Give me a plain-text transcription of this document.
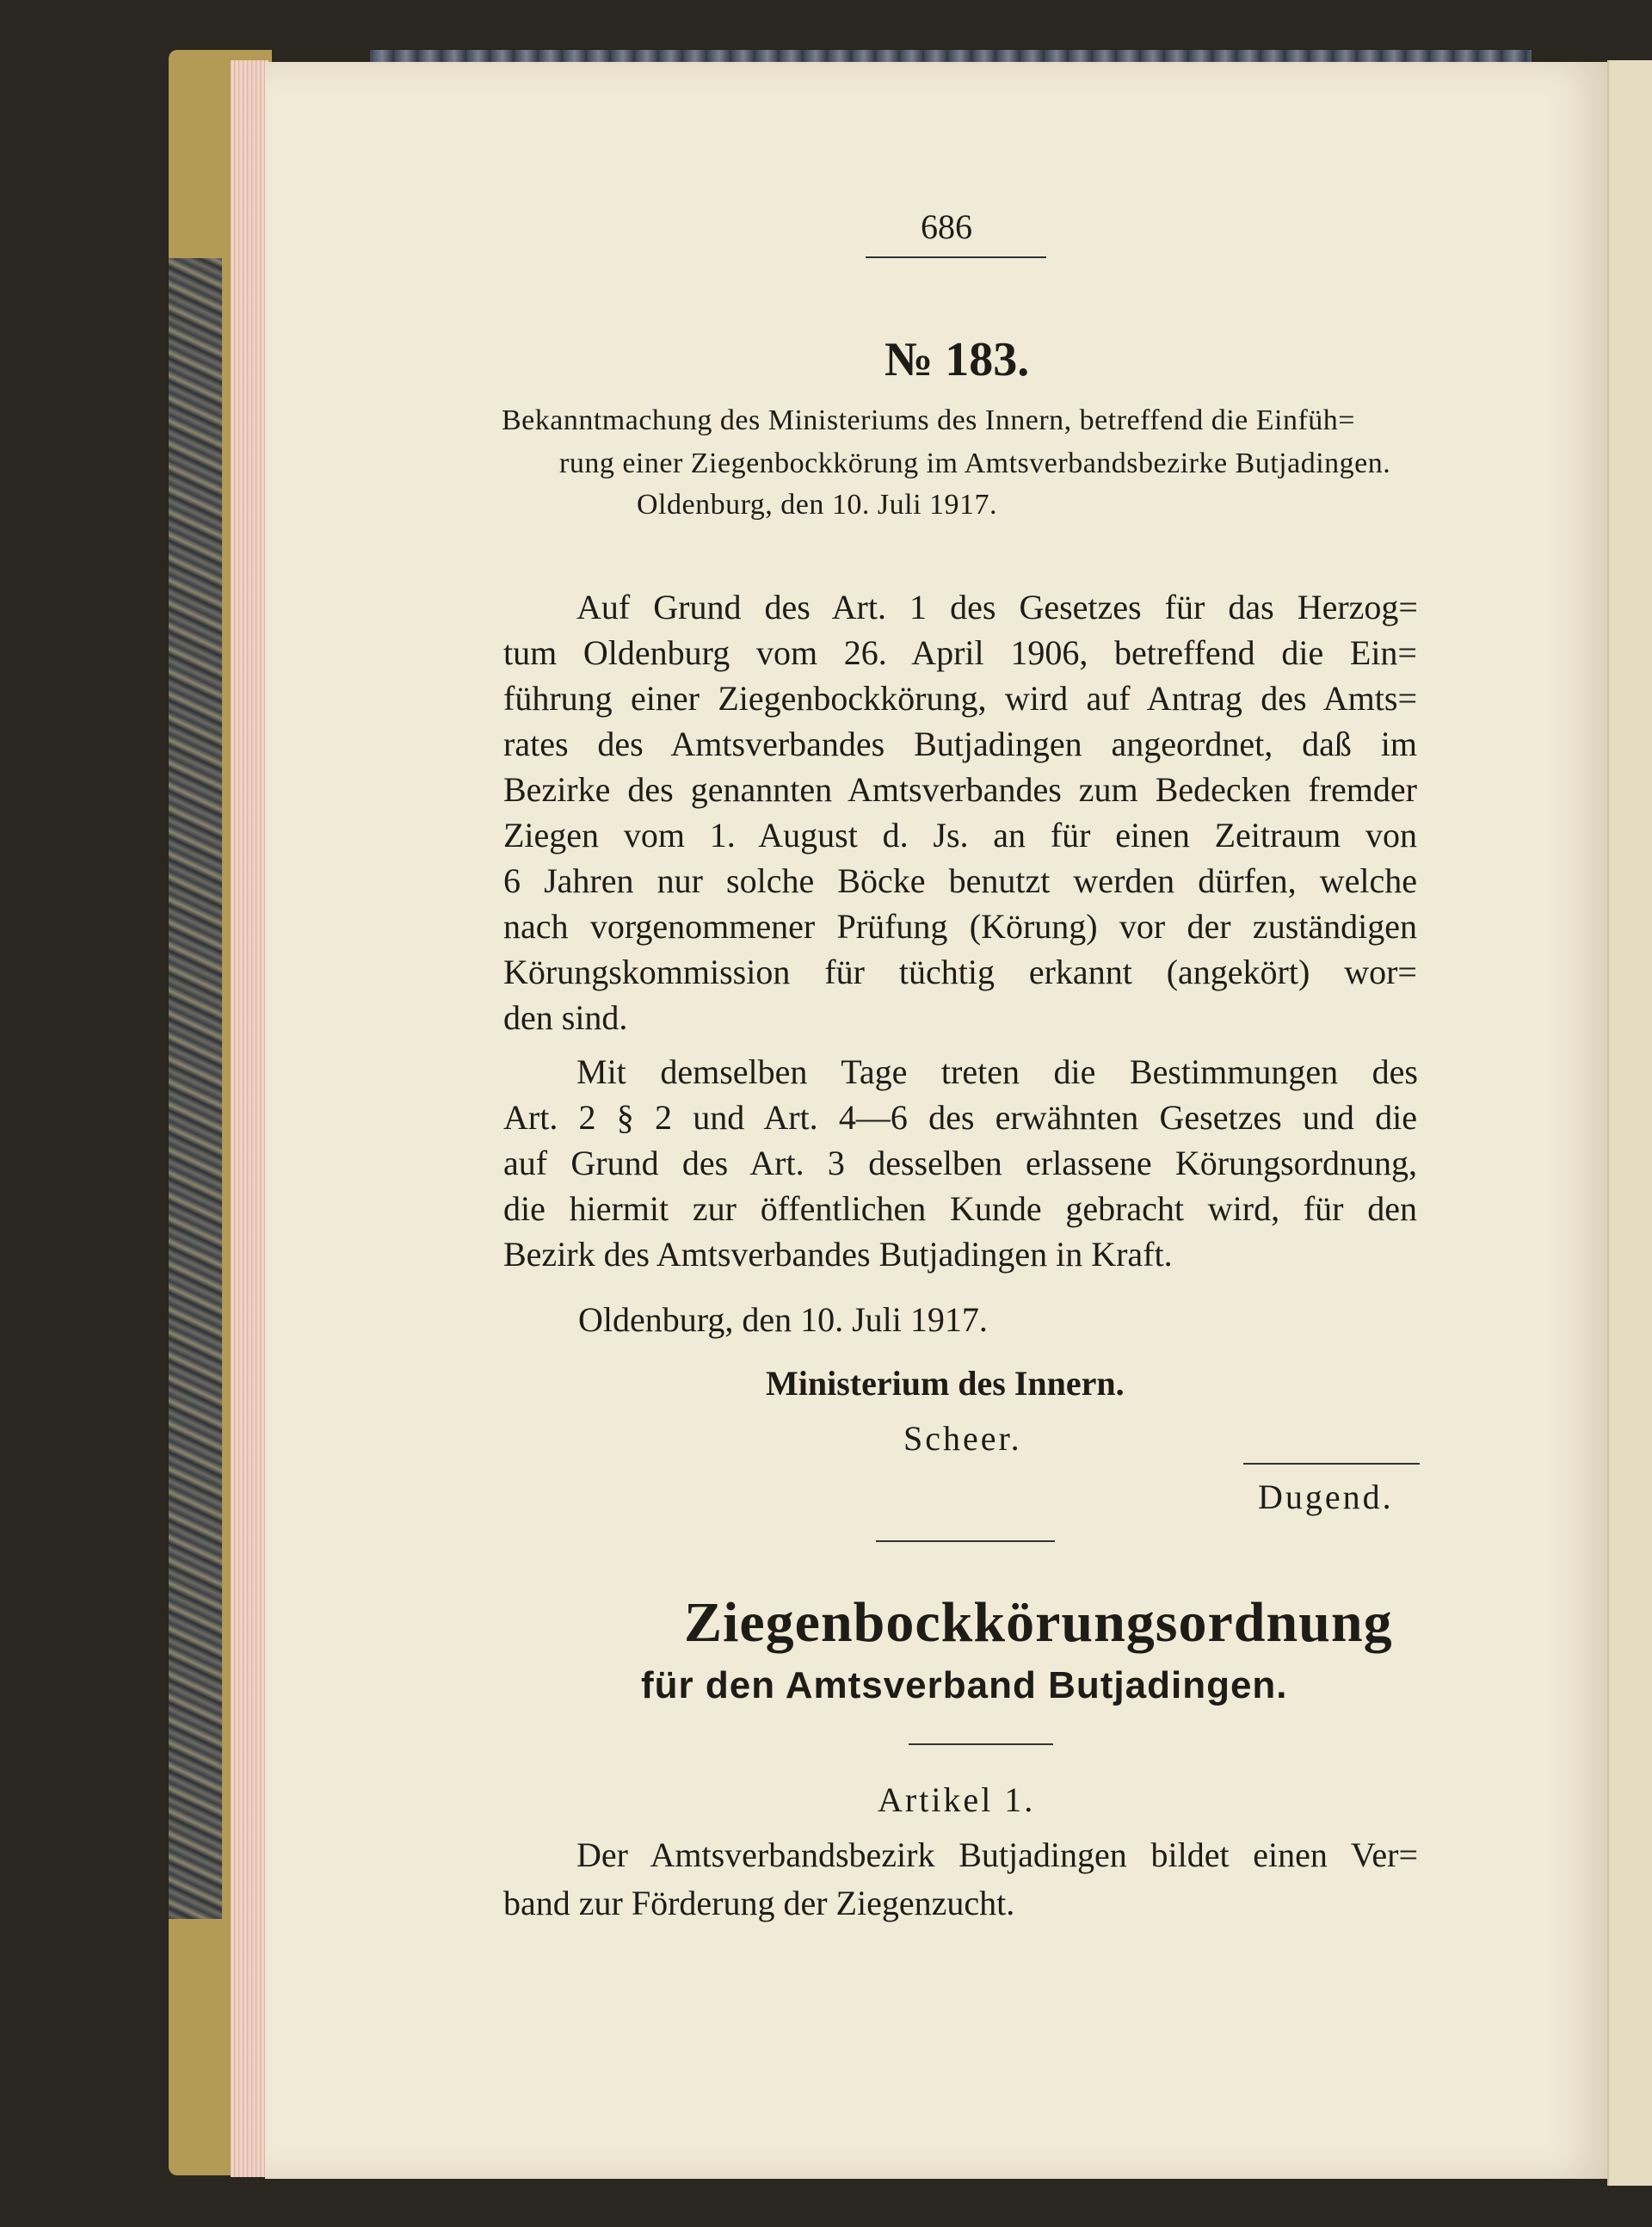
686
№ 183.
Bekanntmachung des Ministeriums des Innern, betreffend die Einfüh=
rung einer Ziegenbockkörung im Amtsverbandsbezirke Butjadingen.
Oldenburg, den 10. Juli 1917.
Auf Grund des Art. 1 des Gesetzes für das Herzog=
tum Oldenburg vom 26. April 1906, betreffend die Ein=
führung einer Ziegenbockkörung, wird auf Antrag des Amts=
rates des Amtsverbandes Butjadingen angeordnet, daß im
Bezirke des genannten Amtsverbandes zum Bedecken fremder
Ziegen vom 1. August d. Js. an für einen Zeitraum von
6 Jahren nur solche Böcke benutzt werden dürfen, welche
nach vorgenommener Prüfung (Körung) vor der zuständigen
Körungskommission für tüchtig erkannt (angekört) wor=
den sind.
Mit demselben Tage treten die Bestimmungen des
Art. 2 § 2 und Art. 4—6 des erwähnten Gesetzes und die
auf Grund des Art. 3 desselben erlassene Körungsordnung,
die hiermit zur öffentlichen Kunde gebracht wird, für den
Bezirk des Amtsverbandes Butjadingen in Kraft.
Oldenburg, den 10. Juli 1917.
Ministerium des Innern.
Scheer.
Dugend.
Ziegenbockkörungsordnung
für den Amtsverband Butjadingen.
Artikel 1.
Der Amtsverbandsbezirk Butjadingen bildet einen Ver=
band zur Förderung der Ziegenzucht.
